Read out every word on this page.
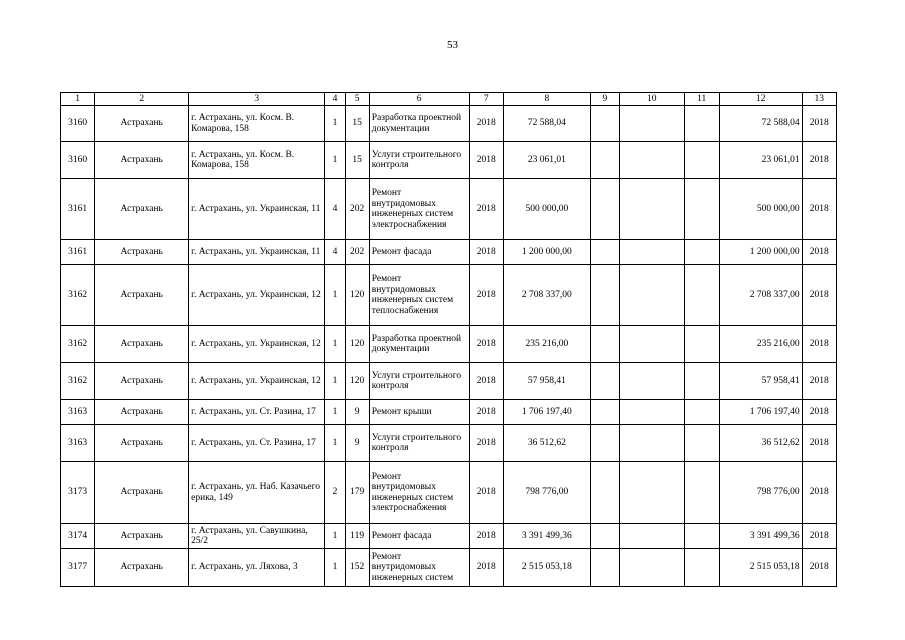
53
1	2	3	4	5	6	7	8	9	10	11	12	13
3160	Астрахань	г. Астрахань, ул. Косм. В. Комарова, 158	1	15	Разработка проектной документации	2018	72 588,04				72 588,04	2018
3160	Астрахань	г. Астрахань, ул. Косм. В. Комарова, 158	1	15	Услуги строительного контроля	2018	23 061,01				23 061,01	2018
3161	Астрахань	г. Астрахань, ул. Украинская, 11	4	202	Ремонт внутридомовых инженерных систем электроснабжения	2018	500 000,00				500 000,00	2018
3161	Астрахань	г. Астрахань, ул. Украинская, 11	4	202	Ремонт фасада	2018	1 200 000,00				1 200 000,00	2018
3162	Астрахань	г. Астрахань, ул. Украинская, 12	1	120	Ремонт внутридомовых инженерных систем теплоснабжения	2018	2 708 337,00				2 708 337,00	2018
3162	Астрахань	г. Астрахань, ул. Украинская, 12	1	120	Разработка проектной документации	2018	235 216,00				235 216,00	2018
3162	Астрахань	г. Астрахань, ул. Украинская, 12	1	120	Услуги строительного контроля	2018	57 958,41				57 958,41	2018
3163	Астрахань	г. Астрахань, ул. Ст. Разина, 17	1	9	Ремонт крыши	2018	1 706 197,40				1 706 197,40	2018
3163	Астрахань	г. Астрахань, ул. Ст. Разина, 17	1	9	Услуги строительного контроля	2018	36 512,62				36 512,62	2018
3173	Астрахань	г. Астрахань, ул. Наб. Казачьего ерика, 149	2	179	Ремонт внутридомовых инженерных систем электроснабжения	2018	798 776,00				798 776,00	2018
3174	Астрахань	г. Астрахань, ул. Савушкина, 25/2	1	119	Ремонт фасада	2018	3 391 499,36				3 391 499,36	2018
3177	Астрахань	г. Астрахань, ул. Ляхова, 3	1	152	Ремонт внутридомовых инженерных систем	2018	2 515 053,18				2 515 053,18	2018
